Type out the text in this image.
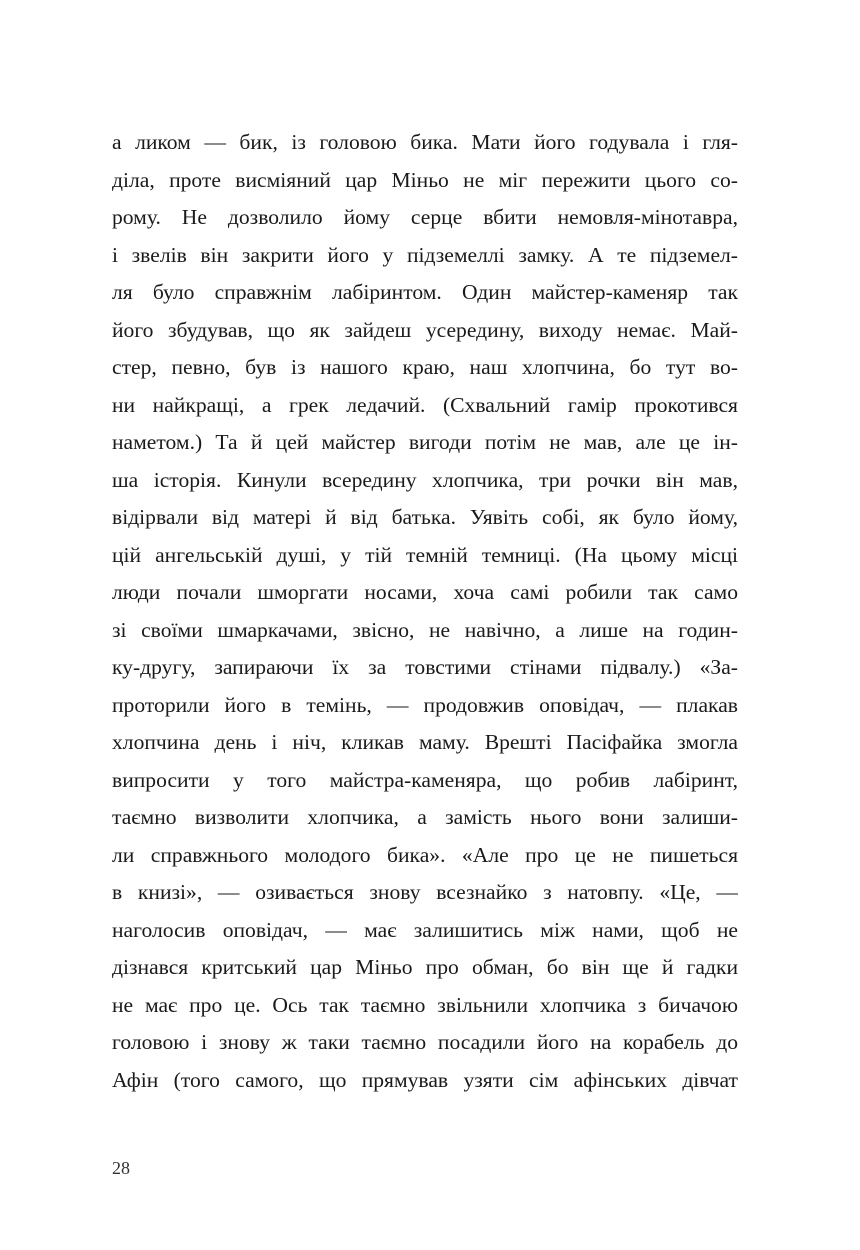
а ликом — бик, із головою бика. Мати його годувала і гля-
діла, проте висміяний цар Міньо не міг пережити цього со-
рому. Не дозволило йому серце вбити немовля-мінотавра,
і звелів він закрити його у підземеллі замку. А те підземел-
ля було справжнім лабіринтом. Один майстер-каменяр так
його збудував, що як зайдеш усередину, виходу немає. Май-
стер, певно, був із нашого краю, наш хлопчина, бо тут во-
ни найкращі, а грек ледачий. (Схвальний гамір прокотився
наметом.) Та й цей майстер вигоди потім не мав, але це ін-
ша історія. Кинули всередину хлопчика, три рочки він мав,
відірвали від матері й від батька. Уявіть собі, як було йому,
цій ангельській душі, у тій темній темниці. (На цьому місці
люди почали шморгати носами, хоча самі робили так само
зі своїми шмаркачами, звісно, не навічно, а лише на годин-
ку-другу, запираючи їх за товстими стінами підвалу.) «За-
проторили його в темінь, — продовжив оповідач, — плакав
хлопчина день і ніч, кликав маму. Врешті Пасіфайка змогла
випросити у того майстра-каменяра, що робив лабіринт,
таємно визволити хлопчика, а замість нього вони залиши-
ли справжнього молодого бика». «Але про це не пишеться
в книзі», — озивається знову всезнайко з натовпу. «Це, —
наголосив оповідач, — має залишитись між нами, щоб не
дізнався критський цар Міньо про обман, бо він ще й гадки
не має про це. Ось так таємно звільнили хлопчика з бичачою
головою і знову ж таки таємно посадили його на корабель до
Афін (того самого, що прямував узяти сім афінських дівчат
28
